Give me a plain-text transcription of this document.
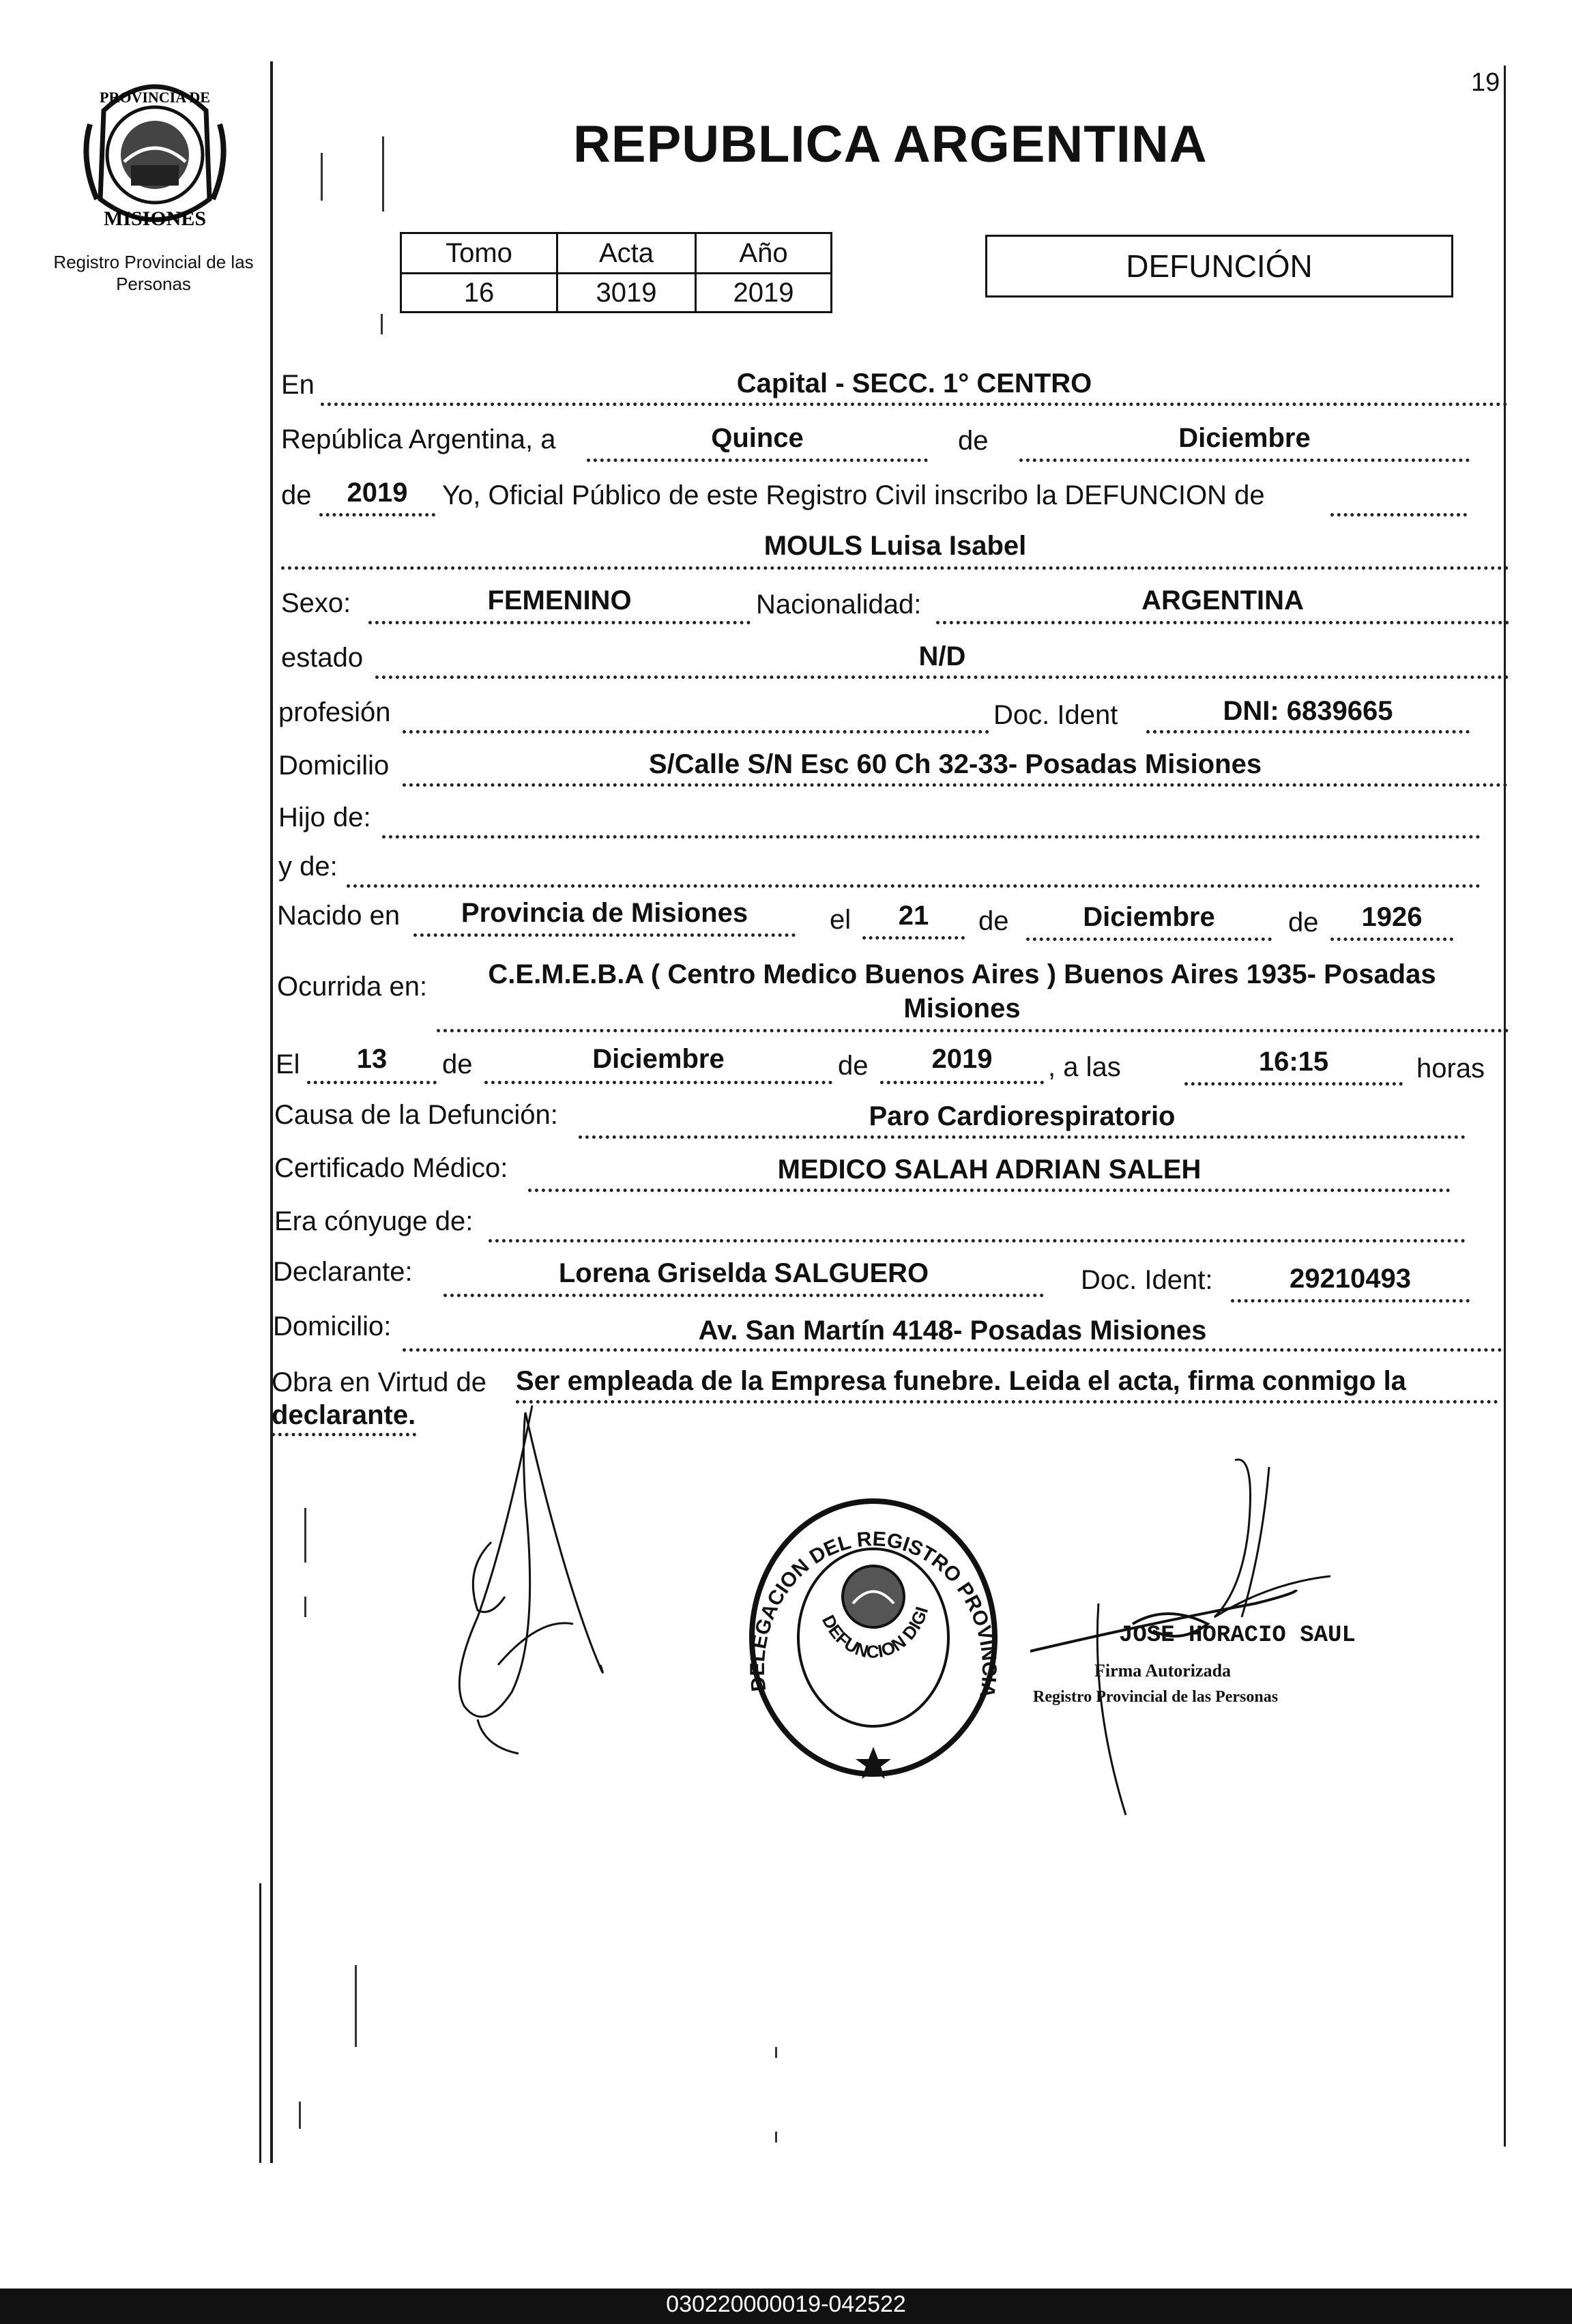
19
PROVINCIA DE
MISIONES
Registro Provincial de las Personas
REPUBLICA ARGENTINA
Tomo	Acta	Año
16	3019	2019
DEFUNCIÓN
En	Capital - SECC. 1° CENTRO
República Argentina, a	Quince	de	Diciembre
de	2019	Yo, Oficial Público de este Registro Civil inscribo la DEFUNCION de
MOULS Luisa Isabel
Sexo:	FEMENINO	Nacionalidad:	ARGENTINA
estado	N/D
profesión	Doc. Ident	DNI: 6839665
Domicilio	S/Calle S/N Esc 60 Ch 32-33- Posadas Misiones
Hijo de:
y de:
Nacido en	Provincia de Misiones	el	21	de	Diciembre	de	1926
Ocurrida en:	C.E.M.E.B.A ( Centro Medico Buenos Aires ) Buenos Aires 1935- Posadas
Misiones
El	13	de	Diciembre	de	2019	, a las	16:15	horas
Causa de la Defunción:	Paro Cardiorespiratorio
Certificado Médico:	MEDICO SALAH ADRIAN SALEH
Era cónyuge de:
Declarante:	Lorena Griselda SALGUERO	Doc. Ident:	29210493
Domicilio:	Av. San Martín 4148- Posadas Misiones
Obra en Virtud de Ser empleada de la Empresa funebre. Leida el acta, firma conmigo la
declarante.
DELEGACION DEL REGISTRO PROVINCIA
DEFUNCION DIGI
JOSE HORACIO SAUL
Firma Autorizada
Registro Provincial de las Personas
030220000019-042522
